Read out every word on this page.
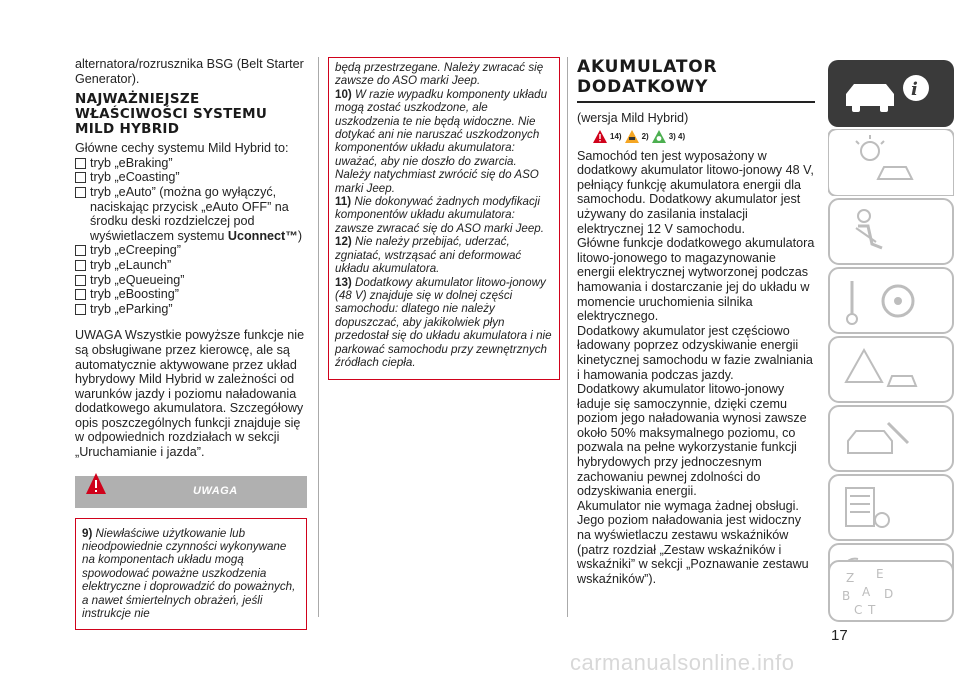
alternatora/rozrusznika BSG (Belt Starter Generator).

NAJWAŻNIEJSZE WŁAŚCIWOŚCI SYSTEMU MILD HYBRID

Główne cechy systemu Mild Hybrid to:

tryb „eBraking”
tryb „eCoasting”
tryb „eAuto” (można go wyłączyć, naciskając przycisk „eAuto OFF” na środku deski rozdzielczej pod wyświetlaczem systemu Uconnect™)
tryb „eCreeping”
tryb „eLaunch”
tryb „eQueueing”
tryb „eBoosting”
tryb „eParking”

UWAGA Wszystkie powyższe funkcje nie są obsługiwane przez kierowcę, ale są automatycznie aktywowane przez układ hybrydowy Mild Hybrid w zależności od warunków jazdy i poziomu naładowania dodatkowego akumulatora. Szczegółowy opis poszczególnych funkcji znajduje się w odpowiednich rozdziałach w sekcji „Uruchamianie i jazda”.

UWAGA

9) Niewłaściwe użytkowanie lub nieodpowiednie czynności wykonywane na komponentach układu mogą spowodować poważne uszkodzenia elektryczne i doprowadzić do poważnych, a nawet śmiertelnych obrażeń, jeśli instrukcje nie

będą przestrzegane. Należy zwracać się zawsze do ASO marki Jeep.

10) W razie wypadku komponenty układu mogą zostać uszkodzone, ale uszkodzenia te nie będą widoczne. Nie dotykać ani nie naruszać uszkodzonych komponentów układu akumulatora: uważać, aby nie doszło do zwarcia. Należy natychmiast zwrócić się do ASO marki Jeep.

11) Nie dokonywać żadnych modyfikacji komponentów układu akumulatora: zawsze zwracać się do ASO marki Jeep.

12) Nie należy przebijać, uderzać, zgniatać, wstrząsać ani deformować układu akumulatora.

13) Dodatkowy akumulator litowo-jonowy (48 V) znajduje się w dolnej części samochodu: dlatego nie należy dopuszczać, aby jakikolwiek płyn przedostał się do układu akumulatora i nie parkować samochodu przy zewnętrznych źródłach ciepła.

AKUMULATOR

DODATKOWY

(wersja Mild Hybrid)

14)	2)	3) 4)

Samochód ten jest wyposażony w dodatkowy akumulator litowo-jonowy 48 V, pełniący funkcję akumulatora energii dla samochodu. Dodatkowy akumulator jest używany do zasilania instalacji elektrycznej 12 V samochodu.

Główne funkcje dodatkowego akumulatora litowo-jonowego to magazynowanie energii elektrycznej wytworzonej podczas hamowania i dostarczanie jej do układu w momencie uruchomienia silnika elektrycznego.

Dodatkowy akumulator jest częściowo ładowany poprzez odzyskiwanie energii kinetycznej samochodu w fazie zwalniania i hamowania podczas jazdy.

Dodatkowy akumulator litowo-jonowy ładuje się samoczynnie, dzięki czemu poziom jego naładowania wynosi zawsze około 50% maksymalnego poziomu, co pozwala na pełne wykorzystanie funkcji hybrydowych przy jednoczesnym zachowaniu pewnej zdolności do odzyskiwania energii.

Akumulator nie wymaga żadnej obsługi. Jego poziom naładowania jest widoczny na wyświetlaczu zestawu wskaźników (patrz rozdział „Zestaw wskaźników i wskaźniki” w sekcji „Poznawanie zestawu wskaźników”).

i
Z E
B A D
C T
17
carmanualsonline.info
